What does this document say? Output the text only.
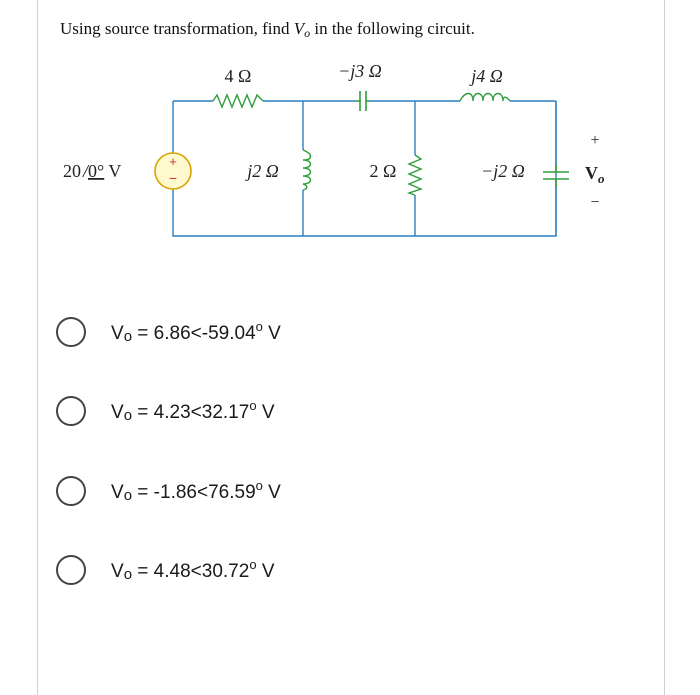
Using source transformation, find Vo in the following circuit.
+
−
20 /0° V
4 Ω	−j3 Ω	j4 Ω
j2 Ω	2 Ω	−j2 Ω
+
$V_o$
−
$V_o = 6.86<-59.04^o$ V
$V_o = 4.23<32.17^o$ V
$V_o = -1.86<76.59^o$ V
$V_o = 4.48<30.72^o$ V
